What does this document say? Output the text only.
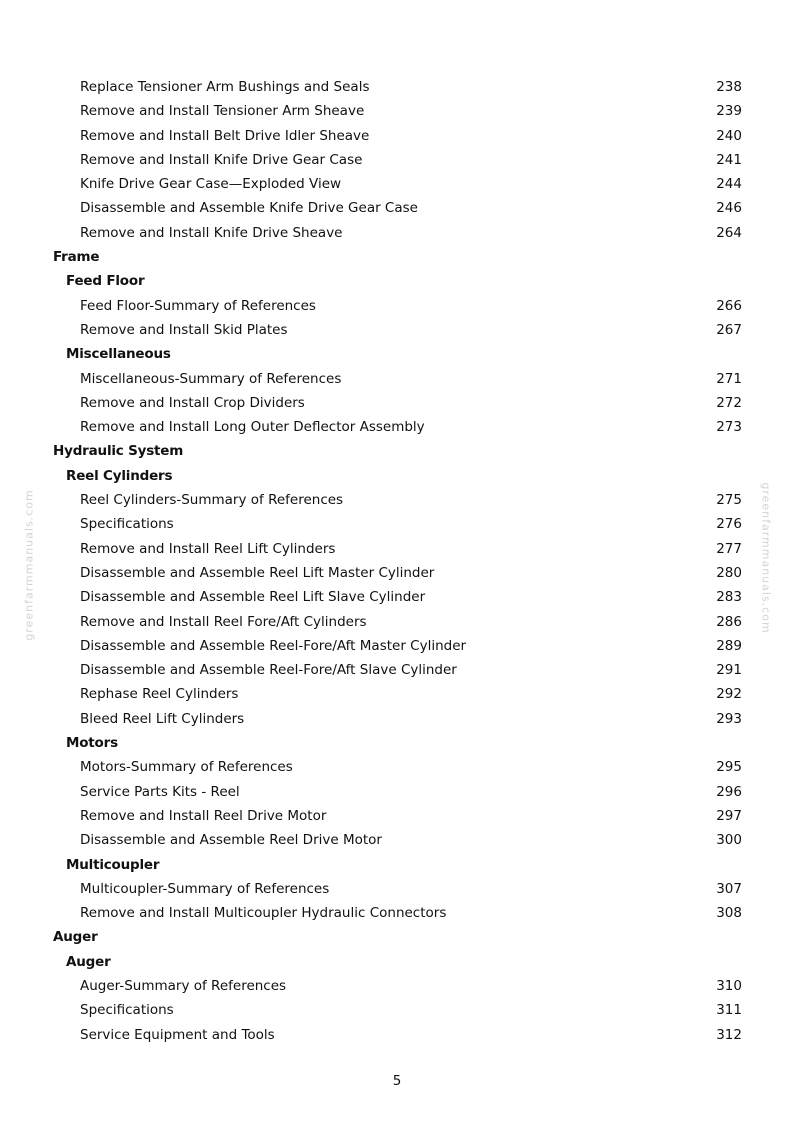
Replace Tensioner Arm Bushings and Seals	238
Remove and Install Tensioner Arm Sheave	239
Remove and Install Belt Drive Idler Sheave	240
Remove and Install Knife Drive Gear Case	241
Knife Drive Gear Case—Exploded View	244
Disassemble and Assemble Knife Drive Gear Case	246
Remove and Install Knife Drive Sheave	264
Frame
Feed Floor
Feed Floor-Summary of References	266
Remove and Install Skid Plates	267
Miscellaneous
Miscellaneous-Summary of References	271
Remove and Install Crop Dividers	272
Remove and Install Long Outer Deflector Assembly	273
Hydraulic System
Reel Cylinders
Reel Cylinders-Summary of References	275
Specifications	276
Remove and Install Reel Lift Cylinders	277
Disassemble and Assemble Reel Lift Master Cylinder	280
Disassemble and Assemble Reel Lift Slave Cylinder	283
Remove and Install Reel Fore/Aft Cylinders	286
Disassemble and Assemble Reel-Fore/Aft Master Cylinder	289
Disassemble and Assemble Reel-Fore/Aft Slave Cylinder	291
Rephase Reel Cylinders	292
Bleed Reel Lift Cylinders	293
Motors
Motors-Summary of References	295
Service Parts Kits - Reel	296
Remove and Install Reel Drive Motor	297
Disassemble and Assemble Reel Drive Motor	300
Multicoupler
Multicoupler-Summary of References	307
Remove and Install Multicoupler Hydraulic Connectors	308
Auger
Auger
Auger-Summary of References	310
Specifications	311
Service Equipment and Tools	312
5
greenfarmmanuals.com	greenfarmmanuals.com
